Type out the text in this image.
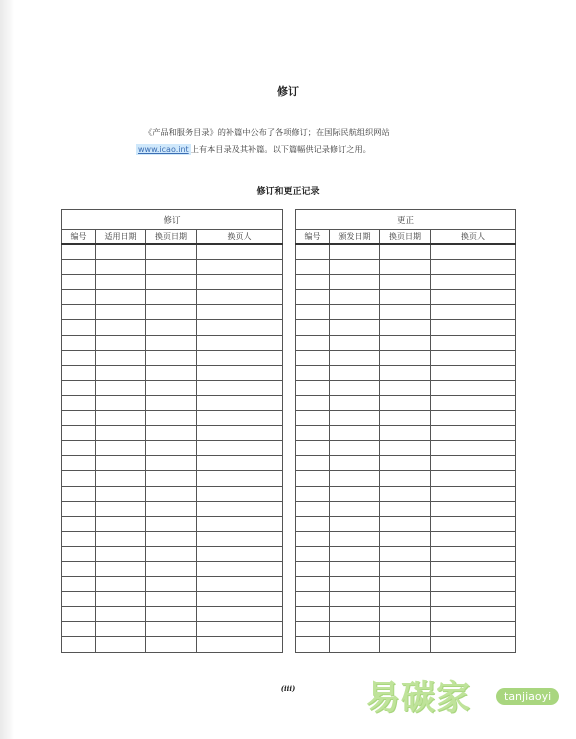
修订
《产品和服务目录》的补篇中公布了各项修订；在国际民航组织网站
www.icao.int 上有本目录及其补篇。以下篇幅供记录修订之用。
修订和更正记录
修订			
编号	适用日期	换页日期	换页人

更正			
编号	颁发日期	换页日期	换页人

(iii)	易碳家	tanjiaoyi
